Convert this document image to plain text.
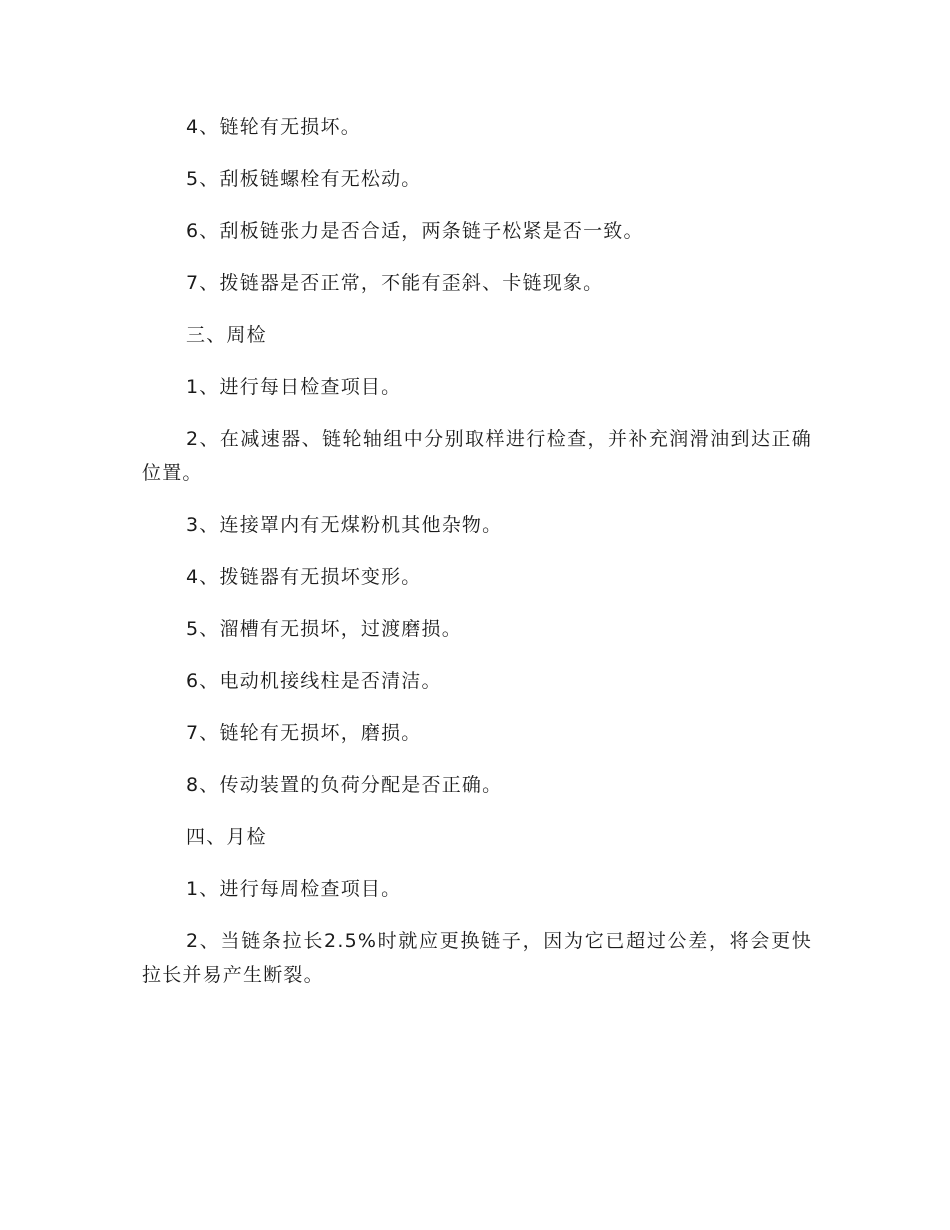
4、链轮有无损坏。

5、刮板链螺栓有无松动。

6、刮板链张力是否合适，两条链子松紧是否一致。

7、拨链器是否正常，不能有歪斜、卡链现象。

三、周检

1、进行每日检查项目。

2、在减速器、链轮轴组中分别取样进行检查，并补充润滑油到达正确位置。

3、连接罩内有无煤粉机其他杂物。

4、拨链器有无损坏变形。

5、溜槽有无损坏，过渡磨损。

6、电动机接线柱是否清洁。

7、链轮有无损坏，磨损。

8、传动装置的负荷分配是否正确。

四、月检

1、进行每周检查项目。

2、当链条拉长2.5%时就应更换链子，因为它已超过公差，将会更快拉长并易产生断裂。
